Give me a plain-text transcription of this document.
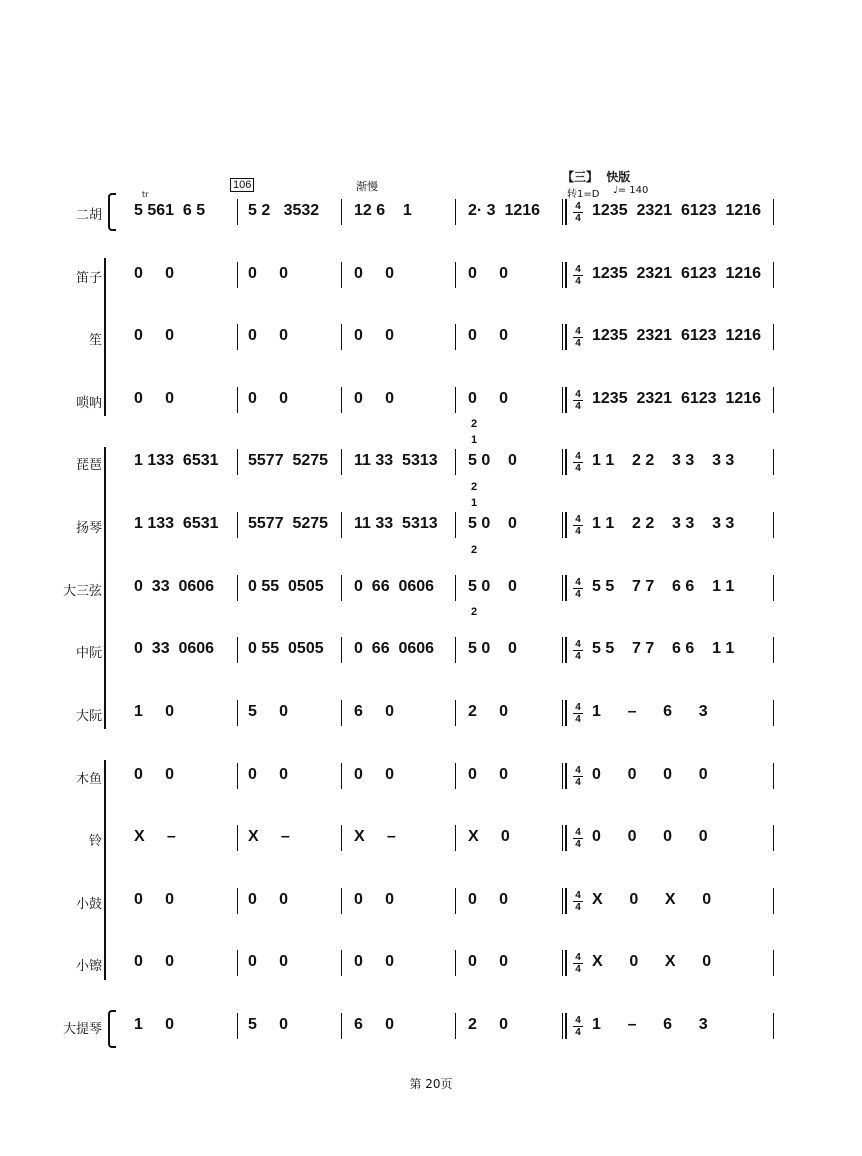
【三】 快版
转1=D ♩= 140
106	渐慢
tr
二胡 5 561  6 5	5 2   3532 12 6    1	2· 3  1216	1235  2321  6123  1216
4
4
笛子 0     0	0     0	0     0	0     0	1235  2321  6123  1216
4
4
笙 0     0	0     0	0     0	0     0	1235  2321  6123  1216
4
4
唢呐 0     0	0     0	0     0	0     0	1235  2321  6123  1216
4
4
琵琶 1 133  6531 5577  5275 11 33  5313 5 0    0	1 1    2 2    3 3    3 3
4
4
扬琴 1 133  6531 5577  5275 11 33  5313 5 0    0	1 1    2 2    3 3    3 3
4
4
大三弦 0  33  0606 0 55  0505 0  66  0606 5 0    0	5 5    7 7    6 6    1 1
4
4
中阮 0  33  0606 0 55  0505 0  66  0606 5 0    0	5 5    7 7    6 6    1 1
4
4
大阮 1     0	5     0	6     0	2     0	1      –      6      3
4
4
木鱼 0     0	0     0	0     0	0     0	0      0      0      0
4
4
铃 X     –	X     –	X     –	X     0	0      0      0      0
4
4
小鼓 0     0	0     0	0     0	0     0	X      0      X      0
4
4
小镲 0     0	0     0	0     0	0     0	X      0      X      0
4
4
大提琴 1     0	5     0	6     0	2     0	1      –      6      3
4
4
2
1
2
1
2
2
第 20页
